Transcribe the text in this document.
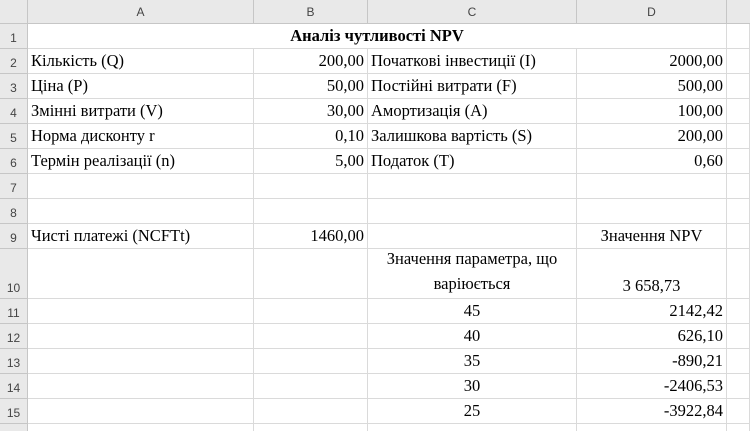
A	B	C	D
1
2
3
4
5
6
7
8
9
10
11
12
13
14
15
Аналіз чутливості NPV
Кількість (Q)	200,00 Початкові інвестиції (I)	2000,00
Ціна (P)	50,00 Постійні витрати (F)	500,00
Змінні витрати (V)	30,00 Амортизація (A)	100,00
Норма дисконту r	0,10 Залишкова вартість (S)	200,00
Термін реалізації (n)	5,00 Податок (T)	0,60
Чисті платежі (NCFTt)	1460,00	Значення NPV
Значення параметра, що варіюється	3 658,73
45	2142,42
40	626,10
35	-890,21
30	-2406,53
25	-3922,84
